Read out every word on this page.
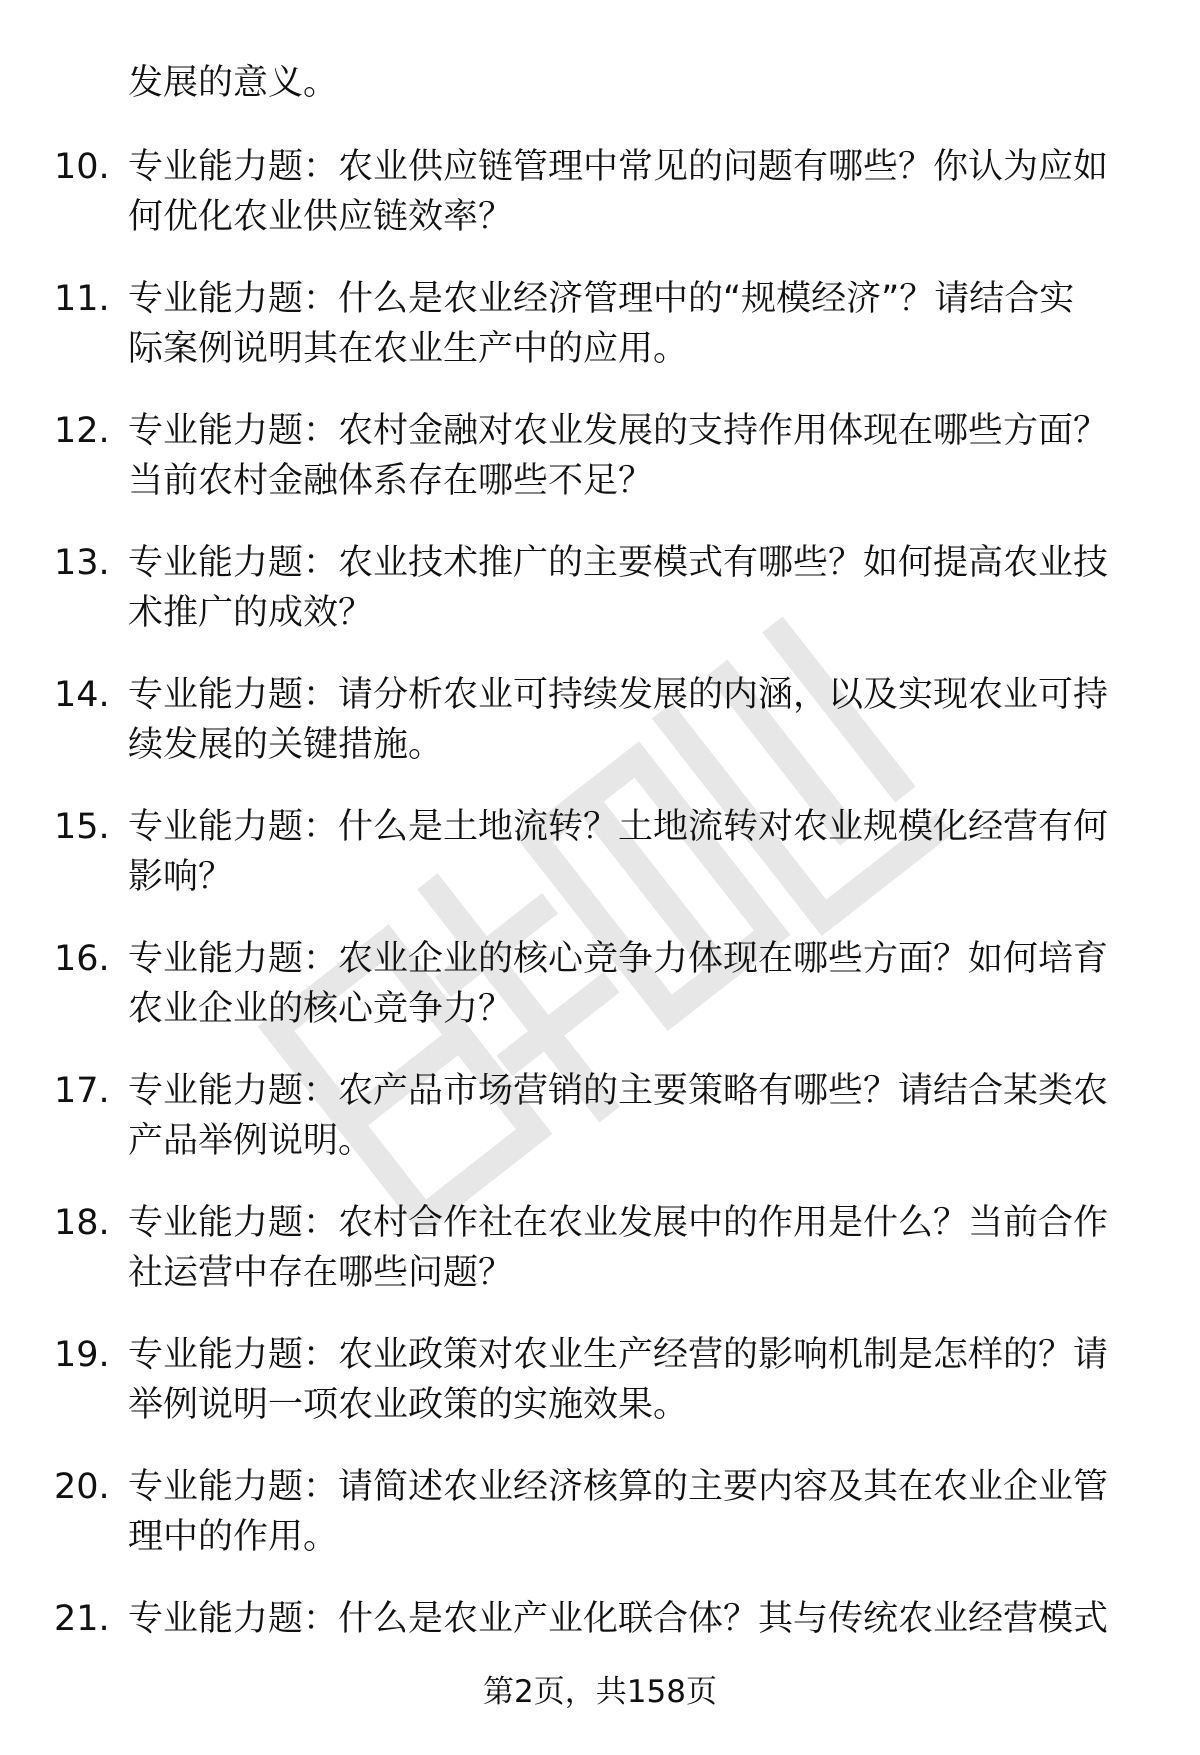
发展的意义。
10. 专业能力题：农业供应链管理中常见的问题有哪些？你认为应如
何优化农业供应链效率？
11. 专业能力题：什么是农业经济管理中的“规模经济”？请结合实
际案例说明其在农业生产中的应用。
12. 专业能力题：农村金融对农业发展的支持作用体现在哪些方面？
当前农村金融体系存在哪些不足？
13. 专业能力题：农业技术推广的主要模式有哪些？如何提高农业技
术推广的成效？
14. 专业能力题：请分析农业可持续发展的内涵，以及实现农业可持
续发展的关键措施。
15. 专业能力题：什么是土地流转？土地流转对农业规模化经营有何
影响？
16. 专业能力题：农业企业的核心竞争力体现在哪些方面？如何培育
农业企业的核心竞争力？
17. 专业能力题：农产品市场营销的主要策略有哪些？请结合某类农
产品举例说明。
18. 专业能力题：农村合作社在农业发展中的作用是什么？当前合作
社运营中存在哪些问题？
19. 专业能力题：农业政策对农业生产经营的影响机制是怎样的？请
举例说明一项农业政策的实施效果。
20. 专业能力题：请简述农业经济核算的主要内容及其在农业企业管
理中的作用。
21. 专业能力题：什么是农业产业化联合体？其与传统农业经营模式
第2页，共158页
